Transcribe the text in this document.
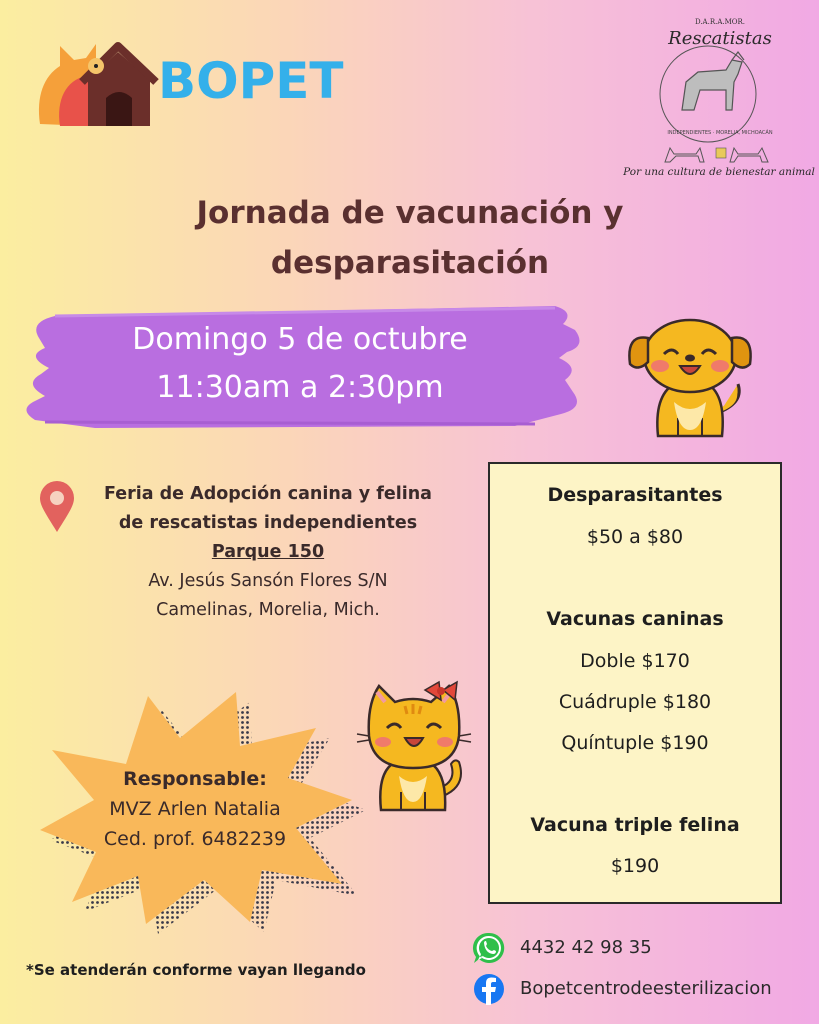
BOPET
D.A.R.A.MOR.
Rescatistas
INDEPENDIENTES · MORELIA, MICHOACÁN
Por una cultura de bienestar animal
Jornada de vacunación y
desparasitación
Domingo 5 de octubre
11:30am a 2:30pm
Feria de Adopción canina y felina
de rescatistas independientes
Parque 150
Av. Jesús Sansón Flores S/N
Camelinas, Morelia, Mich.
Desparasitantes
$50 a $80
Vacunas caninas
Doble $170
Cuádruple $180
Quíntuple $190
Vacuna triple felina
$190
Responsable:
MVZ Arlen Natalia
Ced. prof. 6482239
*Se atenderán conforme vayan llegando
4432 42 98 35
Bopetcentrodeesterilizacion
